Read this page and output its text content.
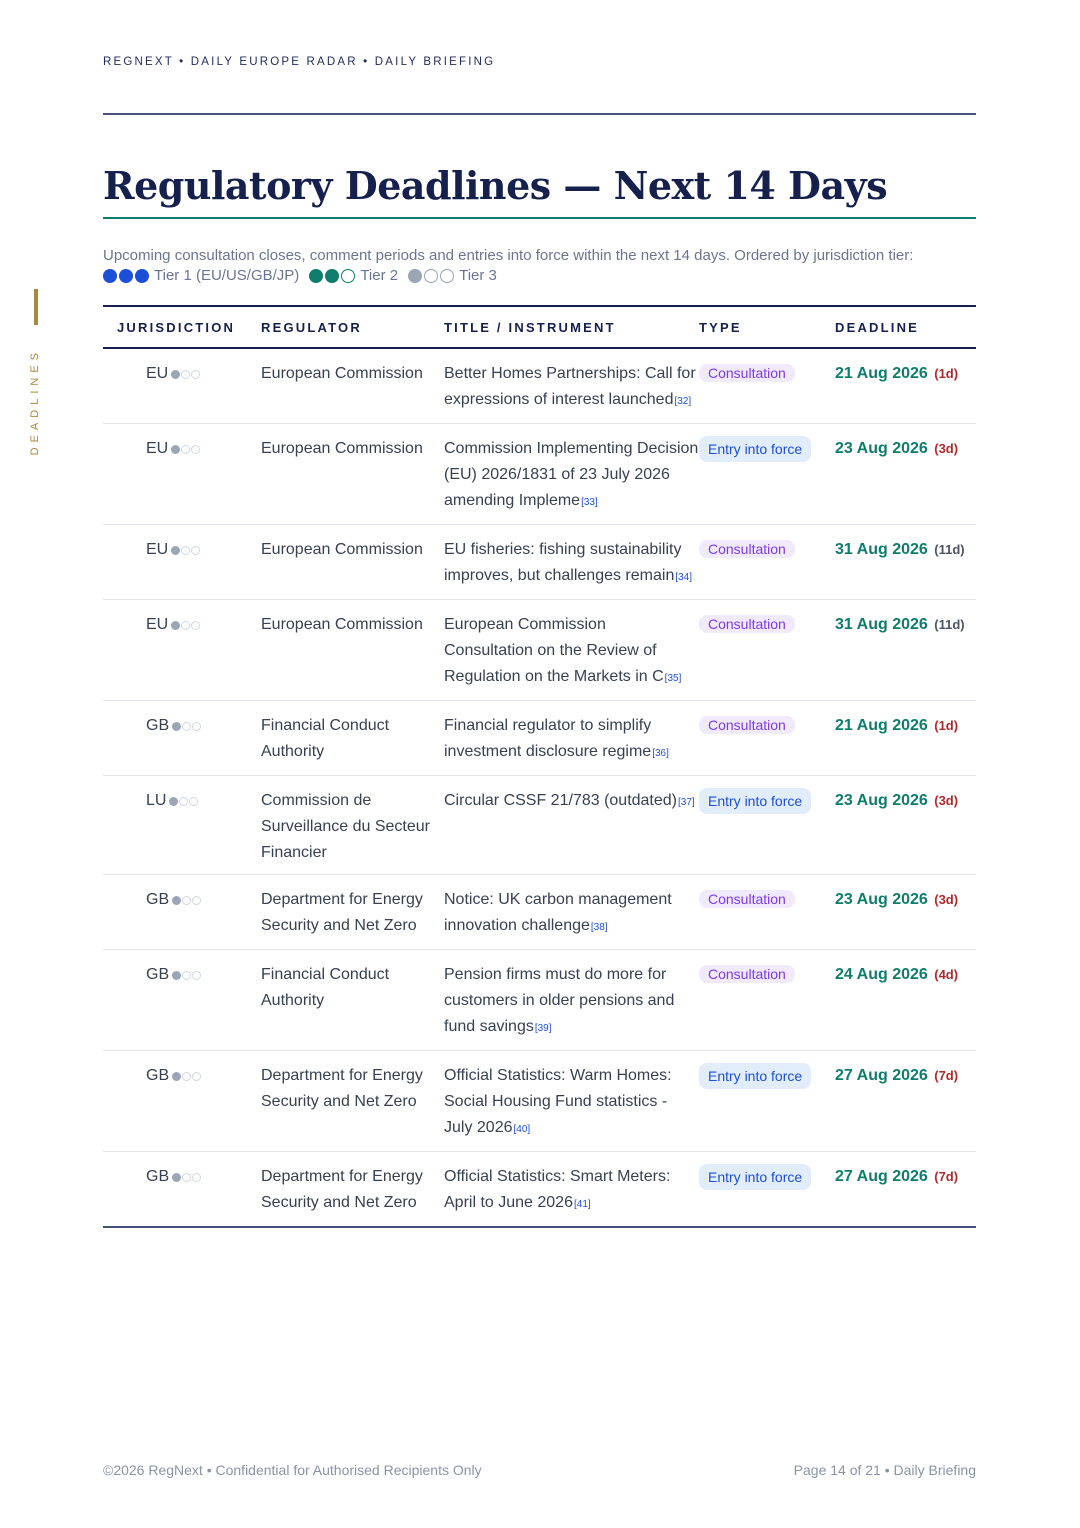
REGNEXT • DAILY EUROPE RADAR • DAILY BRIEFING
DEADLINES
Regulatory Deadlines — Next 14 Days
Upcoming consultation closes, comment periods and entries into force within the next 14 days. Ordered by jurisdiction tier:
Tier 1 (EU/US/GB/JP)	Tier 2	Tier 3
JURISDICTION	REGULATOR	TITLE / INSTRUMENT	TYPE	DEADLINE
EU	European Commission	Better Homes Partnerships: Call for expressions of interest launched[32]	Consultation	21 Aug 2026 (1d)
EU	European Commission	Commission Implementing Decision (EU) 2026/1831 of 23 July 2026 amending Impleme[33]	Entry into force	23 Aug 2026 (3d)
EU	European Commission	EU fisheries: fishing sustainability improves, but challenges remain[34]	Consultation	31 Aug 2026 (11d)
EU	European Commission	European Commission Consultation on the Review of Regulation on the Markets in C[35]	Consultation	31 Aug 2026 (11d)
GB	Financial Conduct Authority	Financial regulator to simplify investment disclosure regime[36]	Consultation	21 Aug 2026 (1d)
LU	Commission de Surveillance du Secteur Financier	Circular CSSF 21/783 (outdated)[37]	Entry into force	23 Aug 2026 (3d)
GB	Department for Energy Security and Net Zero	Notice: UK carbon management innovation challenge[38]	Consultation	23 Aug 2026 (3d)
GB	Financial Conduct Authority	Pension firms must do more for customers in older pensions and fund savings[39]	Consultation	24 Aug 2026 (4d)
GB	Department for Energy Security and Net Zero	Official Statistics: Warm Homes: Social Housing Fund statistics - July 2026[40]	Entry into force	27 Aug 2026 (7d)
GB	Department for Energy Security and Net Zero	Official Statistics: Smart Meters: April to June 2026[41]	Entry into force	27 Aug 2026 (7d)
©2026 RegNext • Confidential for Authorised Recipients Only	Page 14 of 21 • Daily Briefing
